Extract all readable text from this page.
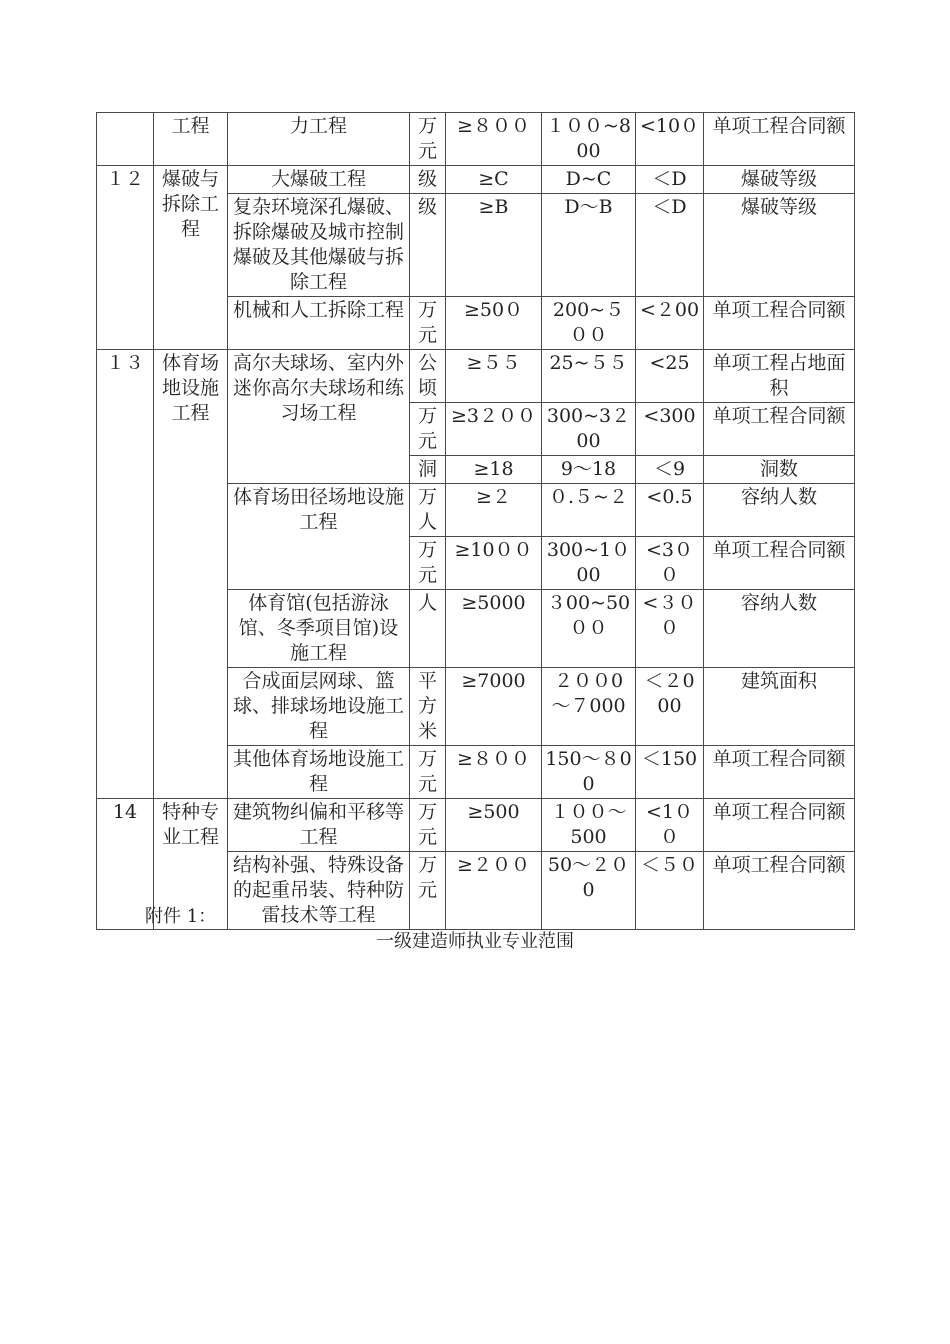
	工程	力工程	万元	≥８００	１００~800	<10０	单项工程合同额
１２	爆破与拆除工程	大爆破工程	级	≥C	D~C	＜D	爆破等级
		复杂环境深孔爆破、拆除爆破及城市控制爆破及其他爆破与拆除工程	级	≥B	D～B	＜D	爆破等级
		机械和人工拆除工程	万元	≥50０	200~５００	<２00	单项工程合同额
１３	体育场地设施工程	高尔夫球场、室内外迷你高尔夫球场和练习场工程	公顷	≥５５	25~５５	<25	单项工程占地面积
			万元	≥3２００	300~3２00	<300	单项工程合同额
			洞	≥18	9～18	＜9	洞数
		体育场田径场地设施工程	万人	≥２	０.５~２	<0.5	容纳人数
			万元	≥10００	300~1０00	<3００	单项工程合同额
		体育馆(包括游泳馆、冬季项目馆)设施工程	人	≥5000	３00~50００	<３００	容纳人数
		合成面层网球、篮球、排球场地设施工程	平方米	≥7000	２００0～７000	＜２000	建筑面积
		其他体育场地设施工程	万元	≥８００	150～８00	＜150	单项工程合同额
14	特种专业工程	建筑物纠偏和平移等工程	万元	≥500	１００～500	<1００	单项工程合同额
		结构补强、特殊设备的起重吊装、特种防雷技术等工程	万元	≥２００	50～２０0	＜５０	单项工程合同额
附件 1：
一级建造师执业专业范围
